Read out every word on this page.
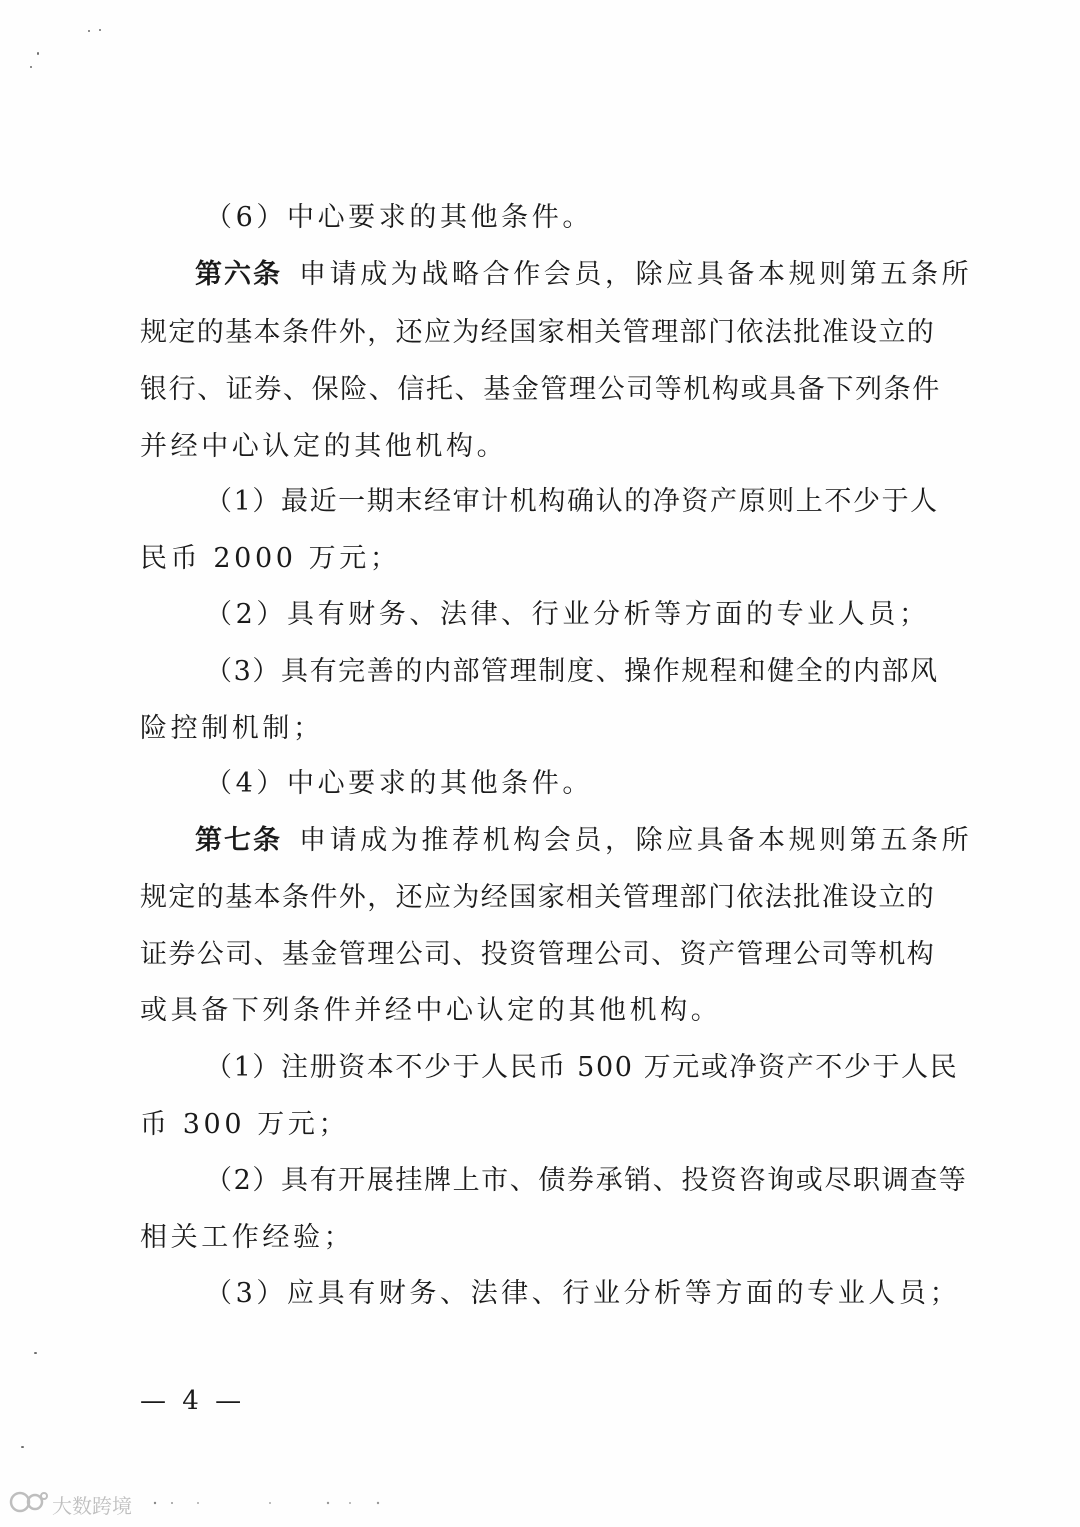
（6）中心要求的其他条件。
第六条 申请成为战略合作会员，除应具备本规则第五条所
规定的基本条件外，还应为经国家相关管理部门依法批准设立的
银行、证券、保险、信托、基金管理公司等机构或具备下列条件
并经中心认定的其他机构。
（1）最近一期末经审计机构确认的净资产原则上不少于人
民币 2000 万元；
（2）具有财务、法律、行业分析等方面的专业人员；
（3）具有完善的内部管理制度、操作规程和健全的内部风
险控制机制；
（4）中心要求的其他条件。
第七条 申请成为推荐机构会员，除应具备本规则第五条所
规定的基本条件外，还应为经国家相关管理部门依法批准设立的
证券公司、基金管理公司、投资管理公司、资产管理公司等机构
或具备下列条件并经中心认定的其他机构。
（1）注册资本不少于人民币 500 万元或净资产不少于人民
币 300 万元；
（2）具有开展挂牌上市、债券承销、投资咨询或尽职调查等
相关工作经验；
（3）应具有财务、法律、行业分析等方面的专业人员；
— 4 —
大数跨境
